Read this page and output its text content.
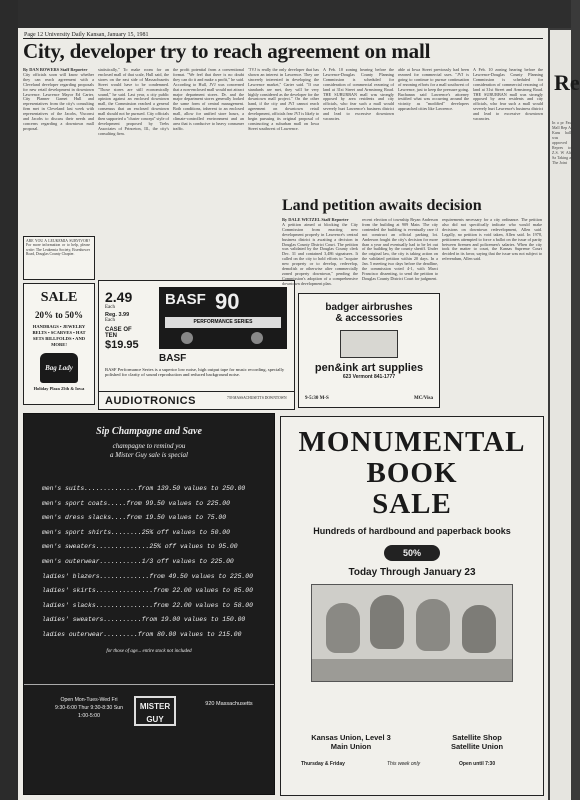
Page 12 University Daily Kansan, January 15, 1981
City, developer try to reach agreement on mall
By DAN BOWERS Staff Reporter
City officials soon will know whether they can reach agreement with a Cleveland developer regarding proposals for new retail development in downtown Lawrence. Lawrence Mayor Ed Carter, City Planner Garnet Hull and representatives from the city's consulting firm met in Cleveland last week with representatives of the Jacobs, Visconsi and Jacobs to discuss their needs and concerns regarding a downtown mall proposal.
statistically," To make room for an enclosed mall of that scale, Hull said, the stores on the east side of Massachusetts Street would have to be condemned. "Those stores are still economically sound," he said. Last year, a city public opinion against an enclosed downtown mall, the Commission reached a general consensus that an enclosed downtown mall should not be pursued. City officials then supported a "cluster concept" style of development proposed by Trebs Associates of Princeton, Ill., the city's consulting firm.
the profit potential from a conventional format. "We feel that there is no doubt they can do it and make a profit," he said. According to Hull, JVJ was concerned that a non-enclosed mall would not attract major department stores. Dr. and the major department stores generally looked the same form of central management. Both conditions, inherent to an enclosed mall, allow for unified store hours, a climate-controlled environment and an area that is conducive to heavy consumer traffic.
"JVJ is really the only developer that has shown an interest in Lawrence. They are sincerely interested in developing the Lawrence market," Carter said. "If our standards are met, they will be very highly considered as the developer for the downtown mall project." On the other hand, if the city and JVJ cannot reach agreement on downtown retail development, officials fear JVJ is likely to begin pursuing its original proposal of constructing a suburban mall on Iowa Street southwest of Lawrence.
A Feb. 10 zoning hearing before the Lawrence-Douglas County Planning Commission is scheduled for consideration of commercial rezoning of land at 31st Street and Armstrong Road. THE SUBURBAN mall was strongly opposed by area residents and city officials, who fear such a mall would severely hurt Lawrence's business district and lead to excessive downtown vacancies.
able at Iowa Street previously had been rezoned for commercial uses. "JVJ is going to continue to pursue continuation of rezoning efforts for a mall southwest of Lawrence, just to keep the pressure going. Buchanan said Lawrence's attorney testified what was occurring around the vicinity as "modified" developers approached cities like Lawrence.
A Feb. 10 zoning hearing before the Lawrence-Douglas County Planning Commission is scheduled for consideration of commercial rezoning of land at 31st Street and Armstrong Road. THE SUBURBAN mall was strongly opposed by area residents and city officials, who fear such a mall would severely hurt Lawrence's business district and lead to excessive downtown vacancies.
ARE YOU A LEUKEMIA SURVIVOR? For more information or to help, please write: The Leukemia Society, Eisenhower Road, Douglas County Chapter.
SALE
20% to 50%
HANDBAGS • JEWELRY BELTS • SCARVES • HAT SETS BILLFOLDS • AND MORE!
Bag Lady
Holiday Plaza 25th & Iowa
2.49
Each
Reg. 3.99
Each
CASE OF TEN
$19.95
BASF 90
PERFORMANCE SERIES
BASF
BASF Performance Series is a superior low noise, high output tape for music recording, specially polished for clarity of sound reproduction and reduced background noise.
AUDIOTRONICS	739 MASSACHUSETTS DOWNTOWN
Land petition awaits decision
By DALE WETZEL Staff Reporter
A petition aimed at blocking the City Commission from enacting new development properly in Lawrence's central business district is awaiting a decision in Douglas County District Court. The petition was validated by the Douglas County clerk Dec. 31 and contained 3,486 signatures. It called on the city to hold efforts to "acquire new property or to develop, redevelop, demolish or otherwise alter commercially zoned property downtown," pending the Commission's adoption of a comprehensive downtown development plan.
recent election of township Bryan Anderson from the building at 909 Main. The city contended the building is eventually rare if not construct an official parking lot. Anderson fought the city's decision for more than a year and eventually had to be let out of the building by the county sheriff. Under the original law, the city is taking action on the validated petition within 20 days. In a Jan. 5 meeting two days before the deadline, the commission voted 4-1, with Marci Francisco dissenting, to send the petition to Douglas County District Court for judgment.
requirements necessary for a city ordinance. The petition also did not specifically indicate who would make decisions on downtown redevelopment, Allen said. Legally, no petition is void taken, Allen said. In 1978, petitioners attempted to force a ballot on the issue of parity between firemen and policemen's salaries. When the city took the matter to court, the Kansas Supreme Court decided in its favor, saying that the issue was not subject to referendum, Allen said.
badger airbrushes
& accessories
pen&ink art supplies
623 Vermont 841-1777
9-5:30 M-S	MC/Visa
Sip Champagne and Save
champagne to remind you
a Mister Guy sale is special
men's suits..............from 139.50 values to 250.00
men's sport coats.....from 99.50 values to 225.00
men's dress slacks....from 19.50 values to 75.00
men's sport shirts........25% off values to 50.00
men's sweaters..............25% off values to 95.00
men's outerwear...........1/3 off values to 225.00
ladies' blazers.............from 49.50 values to 225.00
ladies' skirts...............from 22.00 values to 85.00
ladies' slacks...............from 22.00 values to 58.00
ladies' sweaters..........from 19.00 values to 150.00
ladies outerwear.........from 80.00 values to 215.00
for those of age... entire stock not included
Open Mon-Tues-Wed Fri 9:30-6:00 Thur 9:30-8:30 Sun 1:00-5:00
MISTER GUY
920 Massachusetts
MONUMENTAL
BOOK
SALE
Hundreds of hardbound and paperback books
50%
Today Through January 23
Kansas Union, Level 3
Main Union
Satellite Shop
Satellite Union
Thursday & Friday	This week only	Open until 7:30
Re
In a pr Fas Mall Rep A Kans hall was approved Repres to Z.S. W Alt Sa Taking a The Joint
